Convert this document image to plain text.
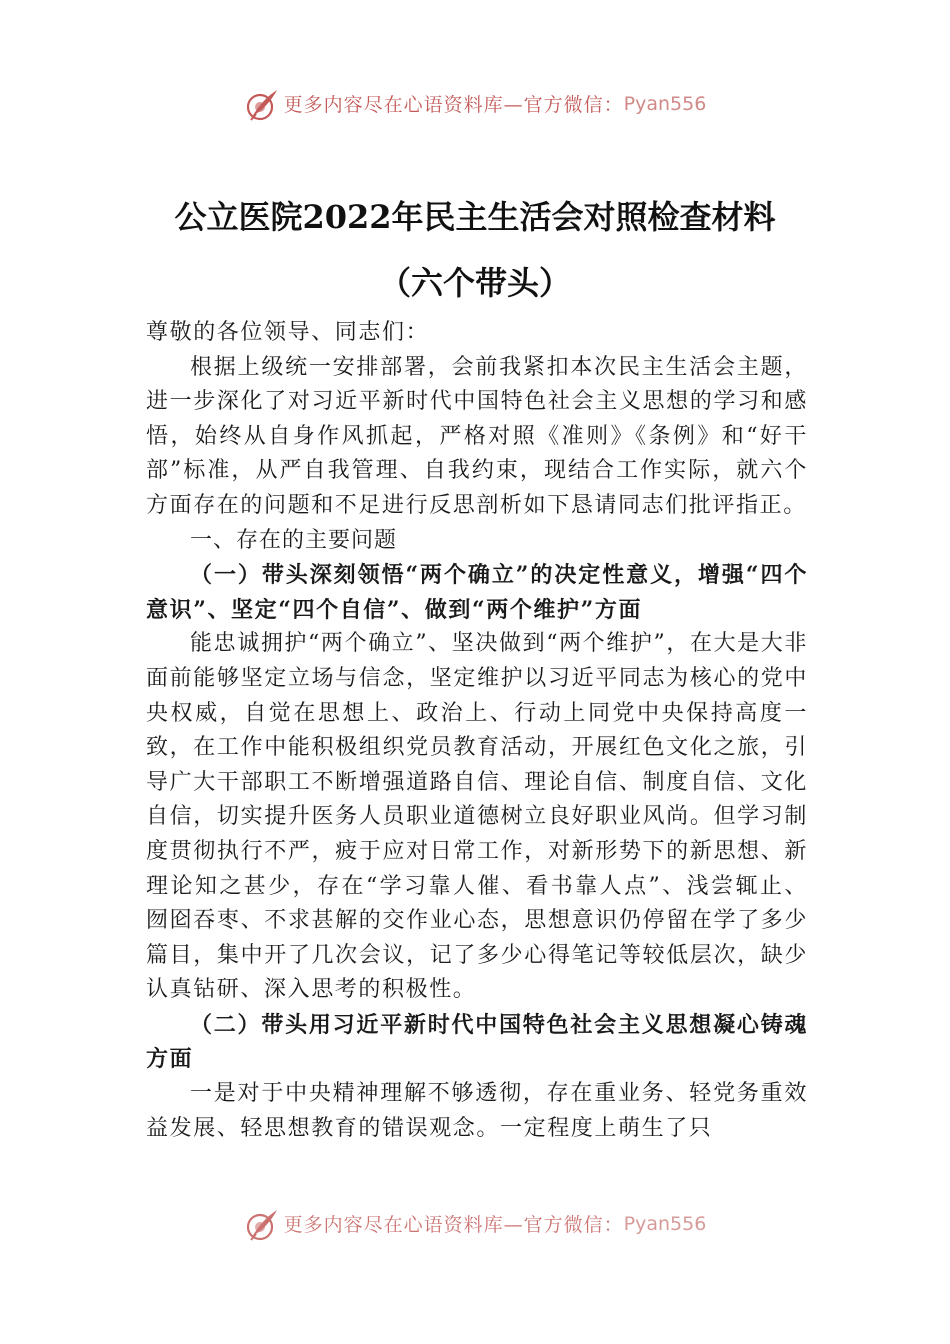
更多内容尽在心语资料库—官方微信：Pyan556
公立医院2022年民主生活会对照检查材料
（六个带头）

尊敬的各位领导、同志们：

根据上级统一安排部署，会前我紧扣本次民主生活会主题，进一步深化了对习近平新时代中国特色社会主义思想的学习和感悟，始终从自身作风抓起，严格对照《准则》《条例》和“好干部”标准，从严自我管理、自我约束，现结合工作实际，就六个方面存在的问题和不足进行反思剖析如下恳请同志们批评指正。

一、存在的主要问题

（一）带头深刻领悟“两个确立”的决定性意义，增强“四个意识”、坚定“四个自信”、做到“两个维护”方面

能忠诚拥护“两个确立”、坚决做到“两个维护”，在大是大非面前能够坚定立场与信念，坚定维护以习近平同志为核心的党中央权威，自觉在思想上、政治上、行动上同党中央保持高度一致，在工作中能积极组织党员教育活动，开展红色文化之旅，引导广大干部职工不断增强道路自信、理论自信、制度自信、文化自信，切实提升医务人员职业道德树立良好职业风尚。但学习制度贯彻执行不严，疲于应对日常工作，对新形势下的新思想、新理论知之甚少，存在“学习靠人催、看书靠人点”、浅尝辄止、囫囵吞枣、不求甚解的交作业心态，思想意识仍停留在学了多少篇目，集中开了几次会议，记了多少心得笔记等较低层次，缺少认真钻研、深入思考的积极性。

（二）带头用习近平新时代中国特色社会主义思想凝心铸魂方面

一是对于中央精神理解不够透彻，存在重业务、轻党务重效益发展、轻思想教育的错误观念。一定程度上萌生了只

更多内容尽在心语资料库—官方微信：Pyan556
